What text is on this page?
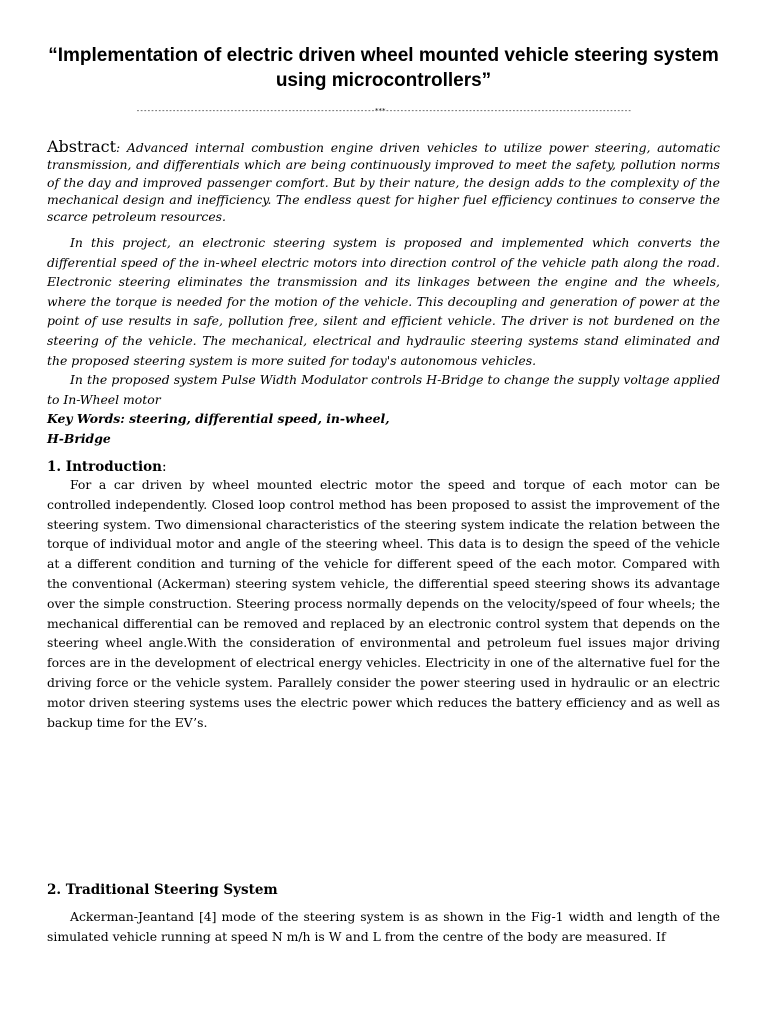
“Implementation of electric driven wheel mounted vehicle steering system using microcontrollers”
------------------------------------------------------------------***--------------------------------------------------------------------
Abstract: Advanced internal combustion engine driven vehicles to utilize power steering, automatic transmission, and differentials which are being continuously improved to meet the safety, pollution norms of the day and improved passenger comfort. But by their nature, the design adds to the complexity of the mechanical design and inefficiency. The endless quest for higher fuel efficiency continues to conserve the scarce petroleum resources.

In this project, an electronic steering system is proposed and implemented which converts the differential speed of the in-wheel electric motors into direction control of the vehicle path along the road. Electronic steering eliminates the transmission and its linkages between the engine and the wheels, where the torque is needed for the motion of the vehicle. This decoupling and generation of power at the point of use results in safe, pollution free, silent and efficient vehicle. The driver is not burdened on the steering of the vehicle. The mechanical, electrical and hydraulic steering systems stand eliminated and the proposed steering system is more suited for today's autonomous vehicles.

In the proposed system Pulse Width Modulator controls H-Bridge to change the supply voltage applied to In-Wheel motor

Key Words: steering, differential speed, in-wheel,

H-Bridge

1. Introduction:

For a car driven by wheel mounted electric motor the speed and torque of each motor can be controlled independently. Closed loop control method has been proposed to assist the improvement of the steering system. Two dimensional characteristics of the steering system indicate the relation between the torque of individual motor and angle of the steering wheel. This data is to design the speed of the vehicle at a different condition and turning of the vehicle for different speed of the each motor. Compared with the conventional (Ackerman) steering system vehicle, the differential speed steering shows its advantage over the simple construction. Steering process normally depends on the velocity/speed of four wheels; the mechanical differential can be removed and replaced by an electronic control system that depends on the steering wheel angle.With the consideration of environmental and petroleum fuel issues major driving forces are in the development of electrical energy vehicles. Electricity in one of the alternative fuel for the driving force or the vehicle system. Parallely consider the power steering used in hydraulic or an electric motor driven steering systems uses the electric power which reduces the battery efficiency and as well as backup time for the EV’s.

2. Traditional Steering System

Ackerman-Jeantand [4] mode of the steering system is as shown in the Fig-1 width and length of the simulated vehicle running at speed N m/h is W and L from the centre of the body are measured. If
